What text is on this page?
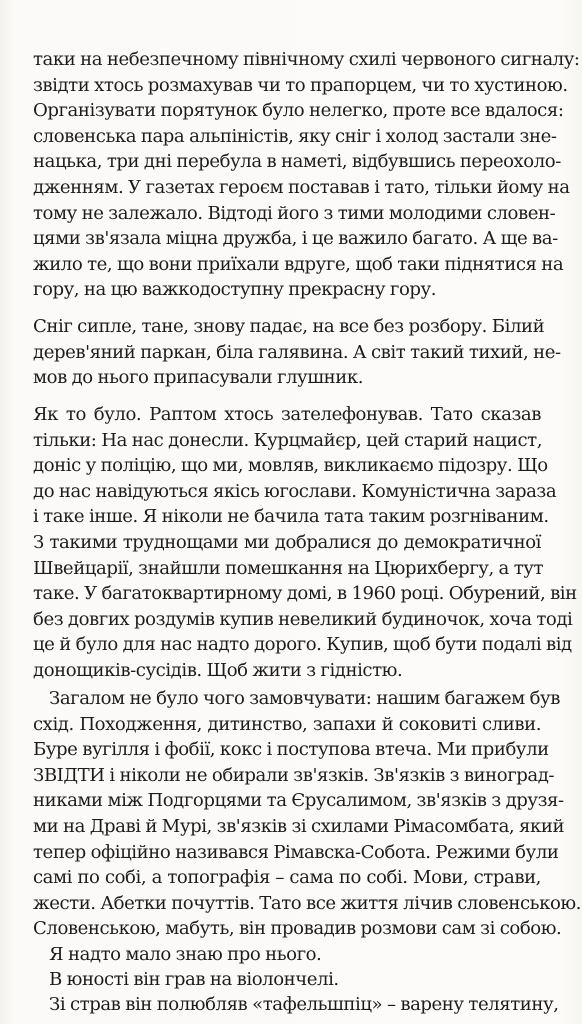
таки на небезпечному північному схилі червоного сигналу:
звідти хтось розмахував чи то прапорцем, чи то хустиною.
Організувати порятунок було нелегко, проте все вдалося:
словенська пара альпіністів, яку сніг і холод застали зне-
нацька, три дні перебула в наметі, відбувшись переохоло-
дженням. У газетах героєм поставав і тато, тільки йому на
тому не залежало. Відтоді його з тими молодими словен-
цями зв'язала міцна дружба, і це важило багато. А ще ва-
жило те, що вони приїхали вдруге, щоб таки піднятися на
гору, на цю важкодоступну прекрасну гору.
Сніг сипле, тане, знову падає, на все без розбору. Білий
дерев'яний паркан, біла галявина. А світ такий тихий, не-
мов до нього припасували глушник.
Як то було. Раптом хтось зателефонував. Тато сказав
тільки: На нас донесли. Курцмайєр, цей старий нацист,
доніс у поліцію, що ми, мовляв, викликаємо підозру. Що
до нас навідуються якісь югослави. Комуністична зараза
і таке інше. Я ніколи не бачила тата таким розгніваним.
З такими труднощами ми добралися до демократичної
Швейцарії, знайшли помешкання на Цюрихбергу, а тут
таке. У багатоквартирному домі, в 1960 році. Обурений, він
без довгих роздумів купив невеликий будиночок, хоча тоді
це й було для нас надто дорого. Купив, щоб бути подалі від
донощиків-сусідів. Щоб жити з гідністю.
Загалом не було чого замовчувати: нашим багажем був
схід. Походження, дитинство, запахи й соковиті сливи.
Буре вугілля і фобії, кокс і поступова втеча. Ми прибули
ЗВІДТИ і ніколи не обирали зв'язків. Зв'язків з виноград-
никами між Подгорцями та Єрусалимом, зв'язків з друзя-
ми на Драві й Мурі, зв'язків зі схилами Рімасомбата, який
тепер офіційно називався Рімавска-Собота. Режими були
самі по собі, а топографія – сама по собі. Мови, страви,
жести. Абетки почуттів. Тато все життя лічив словенською.
Словенською, мабуть, він провадив розмови сам зі собою.
Я надто мало знаю про нього.
В юності він грав на віолончелі.
Зі страв він полюбляв «тафельшпіц» – варену телятину,
